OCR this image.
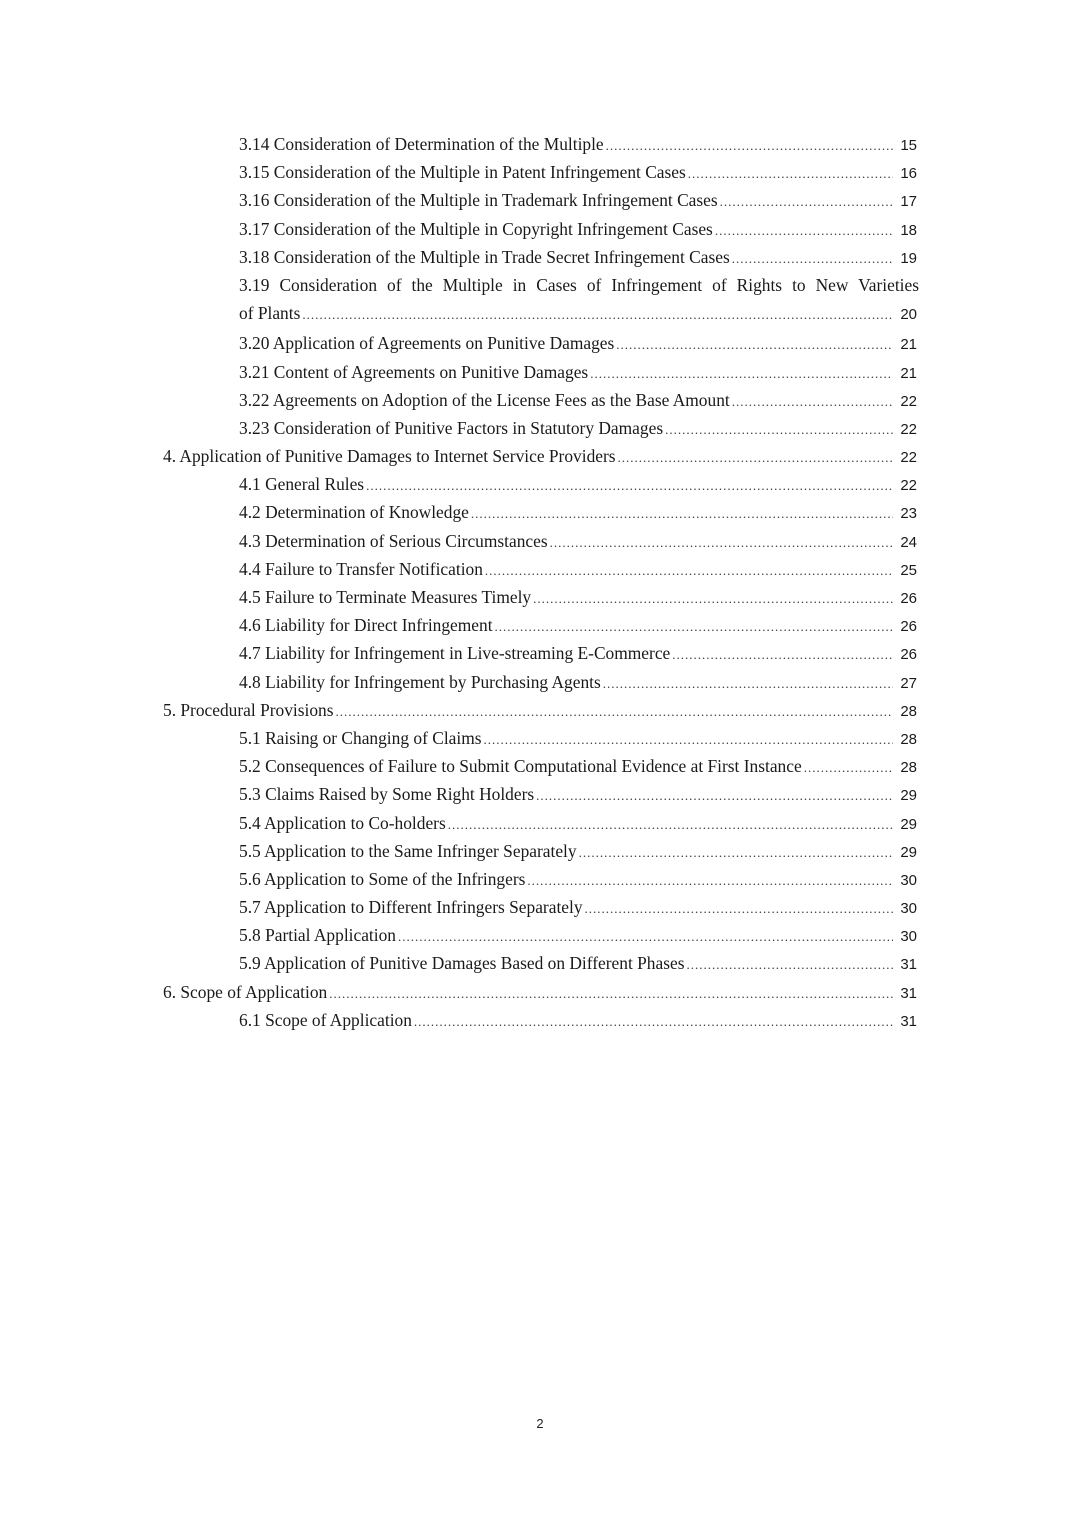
3.14 Consideration of Determination of the Multiple .....	15
3.15 Consideration of the Multiple in Patent Infringement Cases .....	16
3.16 Consideration of the Multiple in Trademark Infringement Cases .....	17
3.17 Consideration of the Multiple in Copyright Infringement Cases .....	18
3.18 Consideration of the Multiple in Trade Secret Infringement Cases .....	19
3.19 Consideration of the Multiple in Cases of Infringement of Rights to New Varieties
of Plants .....	20
3.20 Application of Agreements on Punitive Damages .....	21
3.21 Content of Agreements on Punitive Damages .....	21
3.22 Agreements on Adoption of the License Fees as the Base Amount .....	22
3.23 Consideration of Punitive Factors in Statutory Damages .....	22
4. Application of Punitive Damages to Internet Service Providers .....	22
4.1 General Rules .....	22
4.2 Determination of Knowledge .....	23
4.3 Determination of Serious Circumstances .....	24
4.4 Failure to Transfer Notification .....	25
4.5 Failure to Terminate Measures Timely .....	26
4.6 Liability for Direct Infringement .....	26
4.7 Liability for Infringement in Live-streaming E-Commerce .....	26
4.8 Liability for Infringement by Purchasing Agents .....	27
5. Procedural Provisions .....	28
5.1 Raising or Changing of Claims .....	28
5.2 Consequences of Failure to Submit Computational Evidence at First Instance .....	28
5.3 Claims Raised by Some Right Holders .....	29
5.4 Application to Co-holders .....	29
5.5 Application to the Same Infringer Separately .....	29
5.6 Application to Some of the Infringers .....	30
5.7 Application to Different Infringers Separately .....	30
5.8 Partial Application .....	30
5.9 Application of Punitive Damages Based on Different Phases .....	31
6. Scope of Application .....	31
6.1 Scope of Application .....	31
2
